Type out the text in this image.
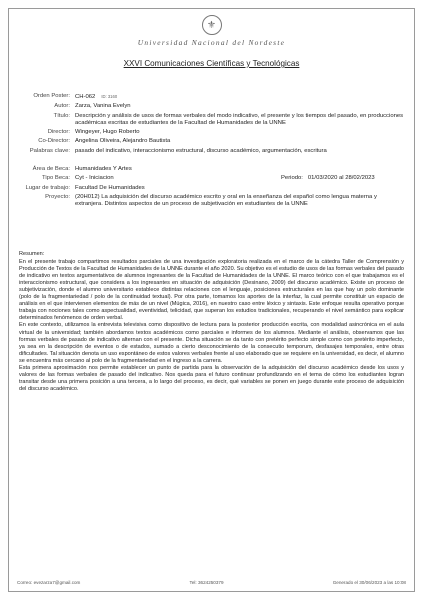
⚜
Universidad Nacional del Nordeste
XXVI Comunicaciones Científicas y Tecnológicas
Orden Poster: CH-062 ID: 3160
Autor: Zarza, Vanina Evelyn
Título: Descripción y análisis de usos de formas verbales del modo indicativo, el presente y los tiempos del pasado, en producciones académicas escritas de estudiantes de la Facultad de Humanidades de la UNNE
Director: Wingeyer, Hugo Roberto
Co-Director: Angelina Oliveira, Alejandro Bautista
Palabras clave: pasado del indicativo, interaccionismo estructural, discurso académico, argumentación, escritura
Área de Beca: Humanidades Y Artes
Tipo Beca: Cyt - Iniciacion	Periodo: 01/03/2020 al 28/02/2023
Lugar de trabajo: Facultad De Humanidades
Proyecto: (20H012) La adquisición del discurso académico escrito y oral en la enseñanza del español como lengua materna y extranjera. Distintos aspectos de un proceso de subjetivación en estudiantes de la UNNE
Resumen:

En el presente trabajo compartimos resultados parciales de una investigación exploratoria realizada en el marco de la cátedra Taller de Comprensión y Producción de Textos de la Facultad de Humanidades de la UNNE durante el año 2020. Su objetivo es el estudio de usos de las formas verbales del pasado de indicativo en textos argumentativos de alumnos ingresantes de la Facultad de Humanidades de la UNNE. El marco teórico con el que trabajamos es el interaccionismo estructural, que considera a los ingresantes en situación de adquisición (Desinano, 2009) del discurso académico. Existe un proceso de subjetivización, donde el alumno universitario establece distintas relaciones con el lenguaje, posiciones estructurales en las que hay un polo dominante (polo de la fragmentariedad / polo de la continuidad textual). Por otra parte, tomamos los aportes de la interfaz, la cual permite constituir un espacio de análisis en el que intervienen elementos de más de un nivel (Múgica, 2016), en nuestro caso entre léxico y sintaxis. Este enfoque resulta operativo porque trabaja con nociones tales como aspectualidad, eventividad, telicidad, que superan los estudios tradicionales, recuperando el nivel semántico para explicar determinados fenómenos de orden verbal.

En este contexto, utilizamos la entrevista televisiva como dispositivo de lectura para la posterior producción escrita, con modalidad asincrónica en el aula virtual de la universidad; también abordamos textos académicos como parciales e informes de los alumnos. Mediante el análisis, observamos que las formas verbales de pasado de indicativo alternan con el presente. Dicha situación se da tanto con pretérito perfecto simple como con pretérito imperfecto, ya sea en la descripción de eventos o de estados, sumado a cierto desconocimiento de la consecutio temporum, desfasajes temporales, entre otras dificultades. Tal situación denota un uso espontáneo de estos valores verbales frente al uso elaborado que se requiere en la universidad, es decir, el alumno se encuentra más cercano al polo de la fragmentariedad en el ingreso a la carrera.

Esta primera aproximación nos permite establecer un punto de partida para la observación de la adquisición del discurso académico desde los usos y valores de las formas verbales de pasado del indicativo. Nos queda para el futuro continuar profundizando en el tema de cómo los estudiantes logran transitar desde una primera posición a una tercera, a lo largo del proceso, es decir, qué variables se ponen en juego durante este proceso de adquisición del discurso académico.

Correo: evezarza7@gmail.com	Tel: 3624250379	Generado el 30/06/2023 a las 10:08
